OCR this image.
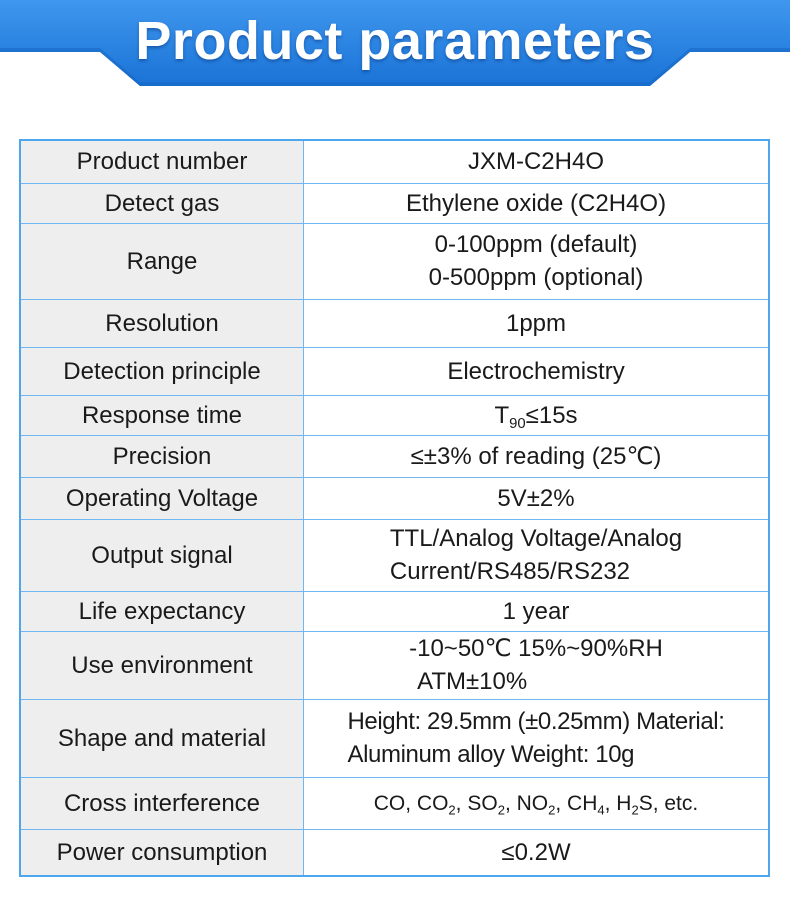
Product parameters
Product number	JXM-C2H4O
Detect gas	Ethylene oxide (C2H4O)
Range	0-100ppm (default)
0-500ppm (optional)

Resolution	1ppm
Detection principle	Electrochemistry
Response time	$T_{90}\le 15s$
Precision	≤±3% of reading (25℃)
Operating Voltage	5V±2%
Output signal	TTL/Analog Voltage/Analog
Current/RS485/RS232

Life expectancy	1 year
Use environment	-10~50℃ 15%~90%RH
ATM±10%

Shape and material	Height: 29.5mm (±0.25mm) Material:
Aluminum alloy Weight: 10g

Cross interference	CO, $CO_2$, $SO_2$, $NO_2$, $CH_4$, $H_2S$, etc.
Power consumption	≤0.2W
